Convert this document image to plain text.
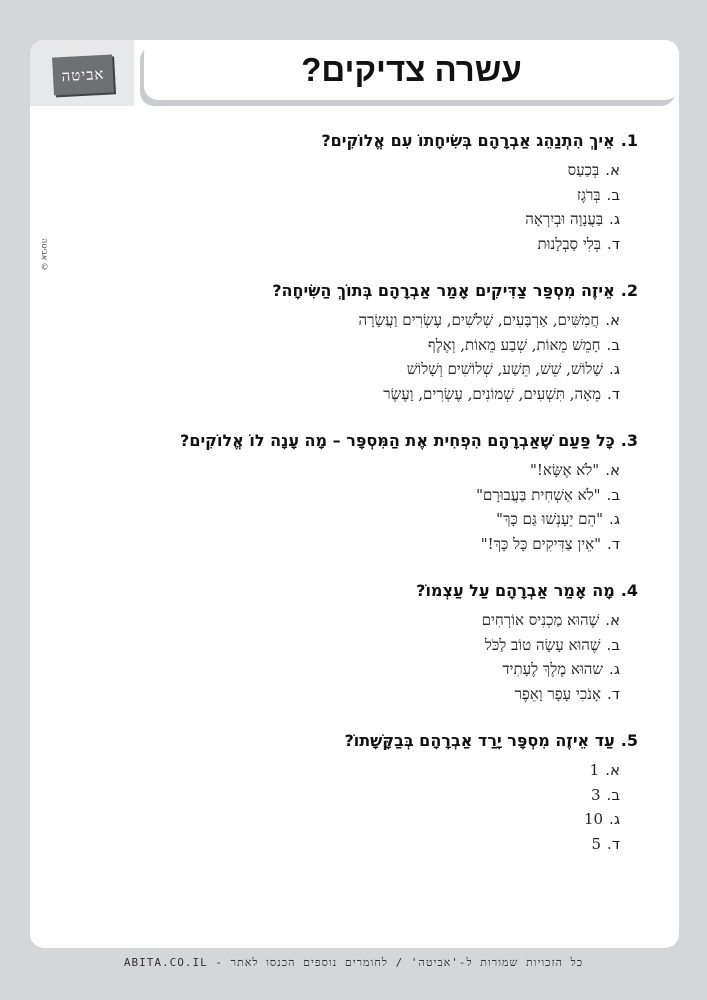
אביטה	עשרה צדיקים?
© אביטה
1.
אֵיךְ הִתְנַהֵג אַבְרָהָם בְּשִׂיחָתוֹ עִם אֱלוֹקִים?
א.
בְּכַעַס
ב.
בְּרֹגֶז
ג.
בַּעֲנָוָה וּבְיִרְאָה
ד.
בְּלִי סַבְלָנוּת
2.
אֵיזֶה מִסְפַּר צַדִּיקִים אָמַר אַבְרָהָם בְּתוֹךְ הַשִּׂיחָה?
א.
חֲמִשִּׁים, אַרְבָּעִים, שְׁלֹשִׁים, עֶשְׂרִים וַעֲשָׂרָה
ב.
חָמֵשׁ מֵאוֹת, שְׁבַע מֵאוֹת, וְאֶלֶף
ג.
שָׁלוֹשׁ, שֵׁשׁ, תֵּשַׁע, שְׁלוֹשִׁים וְשָׁלוֹשׁ
ד.
מֵאָה, תִּשְׁעִים, שְׁמוֹנִים, עֶשְׂרִים, וָעֶשֶׂר
3.
כָּל פַּעַם שֶׁאַבְרָהָם הִפְחִית אֶת הַמִּסְפָּר – מָה עָנָה לוֹ אֱלוֹקִים?
א.
"לֹא אֶשָּׂא!"
ב.
"לֹא אַשְׁחִית בַּעֲבוּרָם"
ג.
"הֵם יֵעָנְשׁוּ גַּם כָּךְ"
ד.
"אֵין צַדִּיקִים כָּל כָּךְ!"
4.
מָה אָמַר אַבְרָהָם עַל עַצְמוֹ?
א.
שֶׁהוּא מַכְנִיס אוֹרְחִים
ב.
שֶׁהוּא עָשָׂה טוֹב לַכֹּל
ג.
שהוּא מֶלֶךְ לֶעָתִיד
ד.
אָנֹכִי עָפָר וָאֵפֶר
5.
עַד אֵיזֶה מִסְפָּר יָרַד אַבְרָהָם בְּבַקָּשָׁתוֹ?
א.
1
ב.
3
ג.
10
ד.
5
כל הזכויות שמורות ל-'אביטה' / לחומרים נוספים הכנסו לאתר - ABITA.CO.IL
